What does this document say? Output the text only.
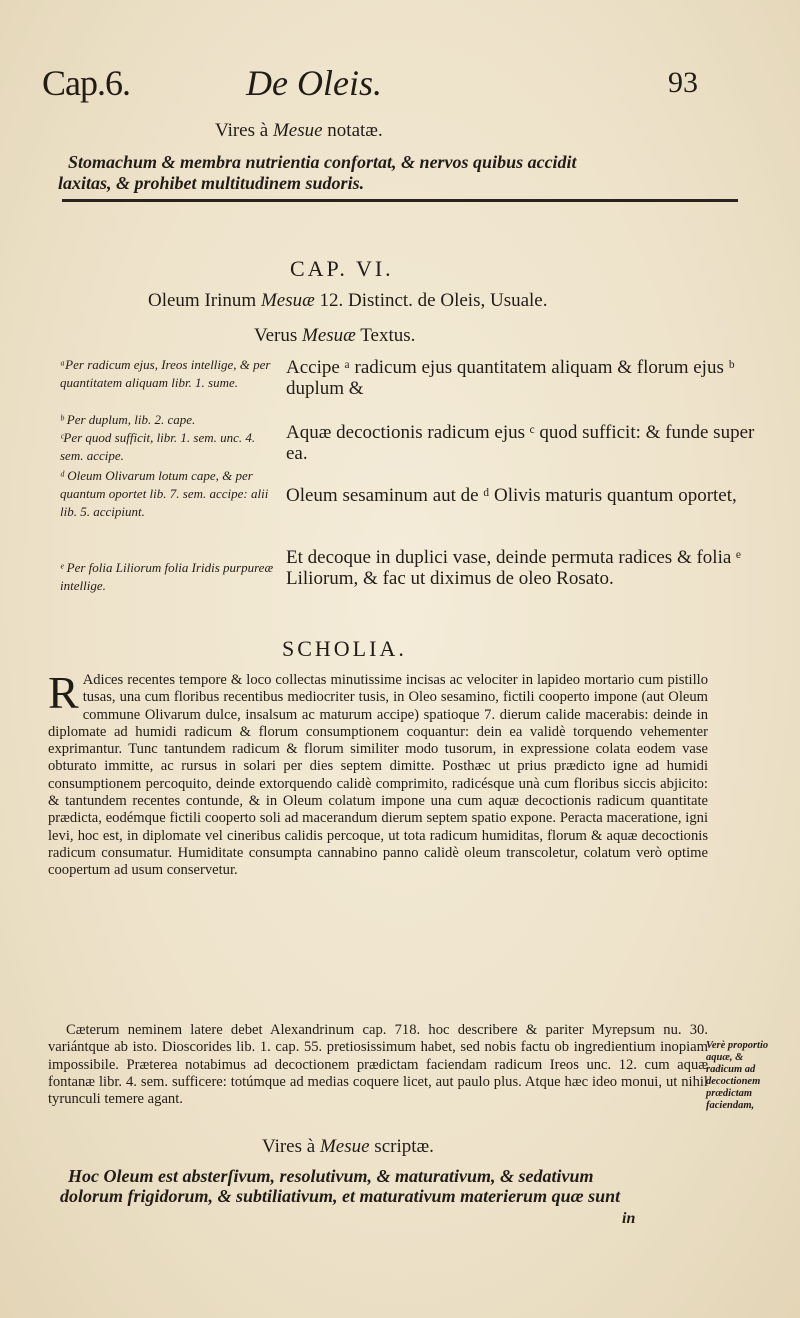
Cap.6.	De Oleis.	93
Vires à Mesue notatæ.
Stomachum & membra nutrientia confortat, & nervos quibus accidit
laxitas, & prohibet multitudinem sudoris.
CAP. VI.
Oleum Irinum Mesuæ 12. Distinct. de Oleis, Usuale.
Verus Mesuæ Textus.
ᵃPer radicum ejus, Ireos intellige, & per quantitatem aliquam libr. 1. sume.
ᵇ Per duplum, lib. 2. cape.
ᶜPer quod sufficit, libr. 1. sem. unc. 4. sem. accipe.
ᵈ Oleum Olivarum lotum cape, & per quantum oportet lib. 7. sem. accipe: alii lib. 5. accipiunt.
ᵉ Per folia Liliorum folia Iridis purpureæ intellige.
Accipe ᵃ radicum ejus quantitatem aliquam & florum ejus ᵇ duplum &
Aquæ decoctionis radicum ejus ᶜ quod sufficit: & funde super ea.
Oleum sesaminum aut de ᵈ Olivis maturis quantum oportet,
Et decoque in duplici vase, deinde permuta radices & folia ᵉ Liliorum, & fac ut diximus de oleo Rosato.
SCHOLIA.
R Adices recentes tempore & loco collectas minutissime incisas ac velociter in lapideo mortario cum pistillo tusas, una cum floribus recentibus mediocriter tusis, in Oleo sesamino, fictili cooperto impone (aut Oleum commune Olivarum dulce, insalsum ac maturum accipe) spatioque 7. dierum calide macerabis: deinde in diplomate ad humidi radicum & florum consumptionem coquantur: dein ea validè torquendo vehementer exprimantur. Tunc tantundem radicum & florum similiter modo tusorum, in expressione colata eodem vase obturato immitte, ac rursus in solari per dies septem dimitte. Posthæc ut prius prædicto igne ad humidi consumptionem percoquito, deinde extorquendo calidè comprimito, radicésque unà cum floribus siccis abjicito: & tantundem recentes contunde, & in Oleum colatum impone una cum aquæ decoctionis radicum quantitate prædicta, eodémque fictili cooperto soli ad macerandum dierum septem spatio expone. Peracta maceratione, igni levi, hoc est, in diplomate vel cineribus calidis percoque, ut tota radicum humiditas, florum & aquæ decoctionis radicum consumatur. Humiditate consumpta cannabino panno calidè oleum transcoletur, colatum verò optime coopertum ad usum conservetur.
Cæterum neminem latere debet Alexandrinum cap. 718. hoc describere & pariter Myrepsum nu. 30. variántque ab isto. Dioscorides lib. 1. cap. 55. pretiosissimum habet, sed nobis factu ob ingredientium inopiam impossibile. Præterea notabimus ad decoctionem prædictam faciendam radicum Ireos unc. 12. cum aquæ fontanæ libr. 4. sem. sufficere: totúmque ad medias coquere licet, aut paulo plus. Atque hæc ideo monui, ut nihil tyrunculi temere agant.
Verè proportio aquæ, & radicum ad decoctionem prædictam faciendam,
Vires à Mesue scriptæ.
Hoc Oleum est absterſivum, resolutivum, & maturativum, & sedativum
dolorum frigidorum, & subtiliativum, et maturativum materierum quæ sunt
in
